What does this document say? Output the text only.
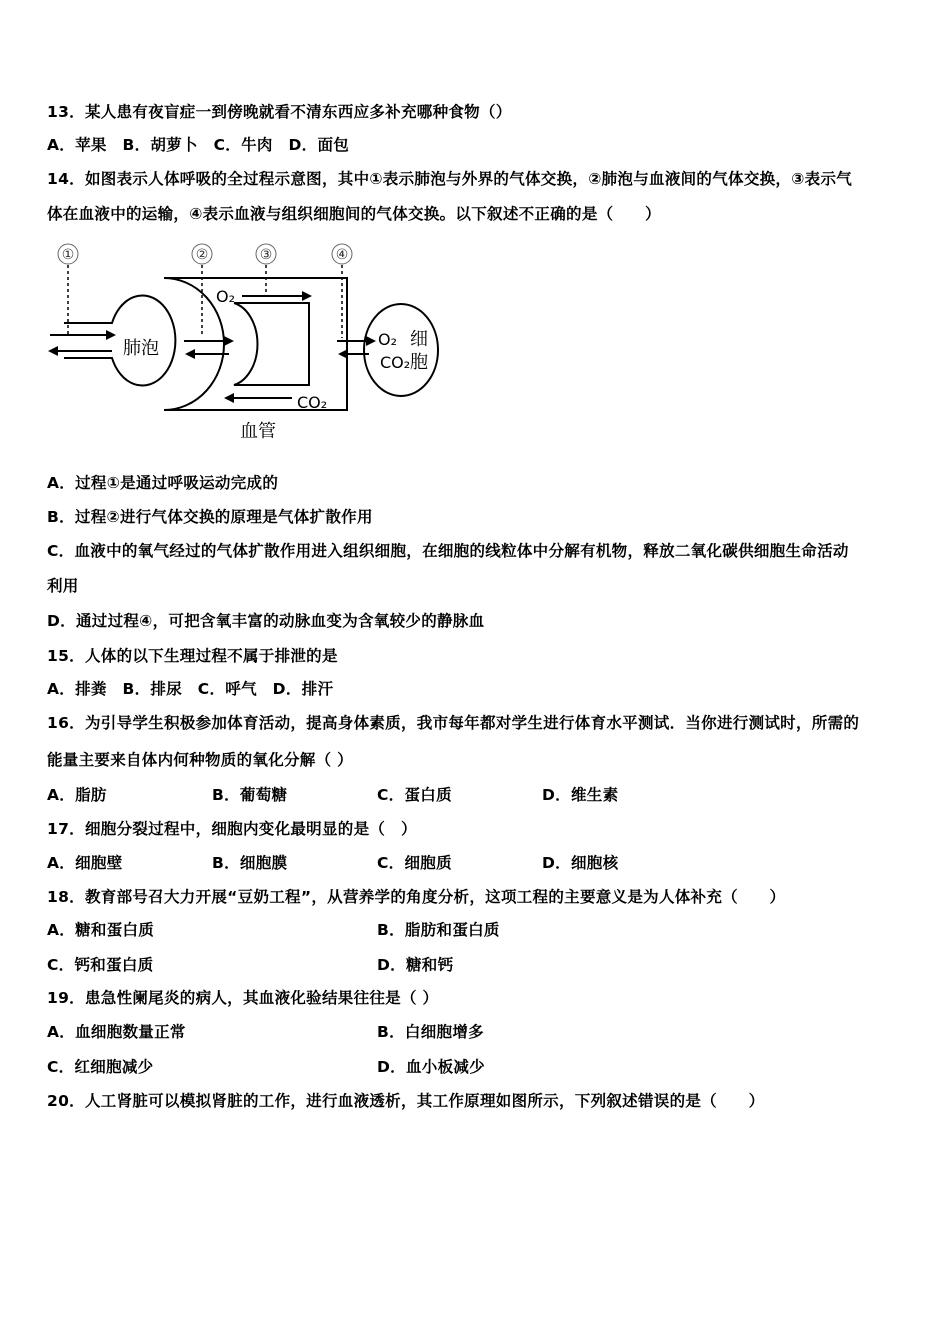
13．某人患有夜盲症一到傍晚就看不清东西应多补充哪种食物（）
A．苹果　B．胡萝卜　C．牛肉　D．面包
14．如图表示人体呼吸的全过程示意图，其中①表示肺泡与外界的气体交换，②肺泡与血液间的气体交换，③表示气
体在血液中的运输，④表示血液与组织细胞间的气体交换。以下叙述不正确的是（　　）
①	②	③	④
肺泡
O₂
CO₂
O₂
CO₂
细
胞
血管
A．过程①是通过呼吸运动完成的
B．过程②进行气体交换的原理是气体扩散作用
C．血液中的氧气经过的气体扩散作用进入组织细胞，在细胞的线粒体中分解有机物，释放二氧化碳供细胞生命活动
利用
D．通过过程④，可把含氧丰富的动脉血变为含氧较少的静脉血
15．人体的以下生理过程不属于排泄的是
A．排粪　B．排尿　C．呼气　D．排汗
16．为引导学生积极参加体育活动，提高身体素质，我市每年都对学生进行体育水平测试．当你进行测试时，所需的
能量主要来自体内何种物质的氧化分解（ ）
A．脂肪	B．葡萄糖	C．蛋白质	D．维生素
17．细胞分裂过程中，细胞内变化最明显的是（　）
A．细胞壁	B．细胞膜	C．细胞质	D．细胞核
18．教育部号召大力开展“豆奶工程”，从营养学的角度分析，这项工程的主要意义是为人体补充（　　）
A．糖和蛋白质	B．脂肪和蛋白质
C．钙和蛋白质	D．糖和钙
19．患急性阑尾炎的病人，其血液化验结果往往是（ ）
A．血细胞数量正常	B．白细胞增多
C．红细胞减少	D．血小板减少
20．人工肾脏可以模拟肾脏的工作，进行血液透析，其工作原理如图所示，下列叙述错误的是（　　）
